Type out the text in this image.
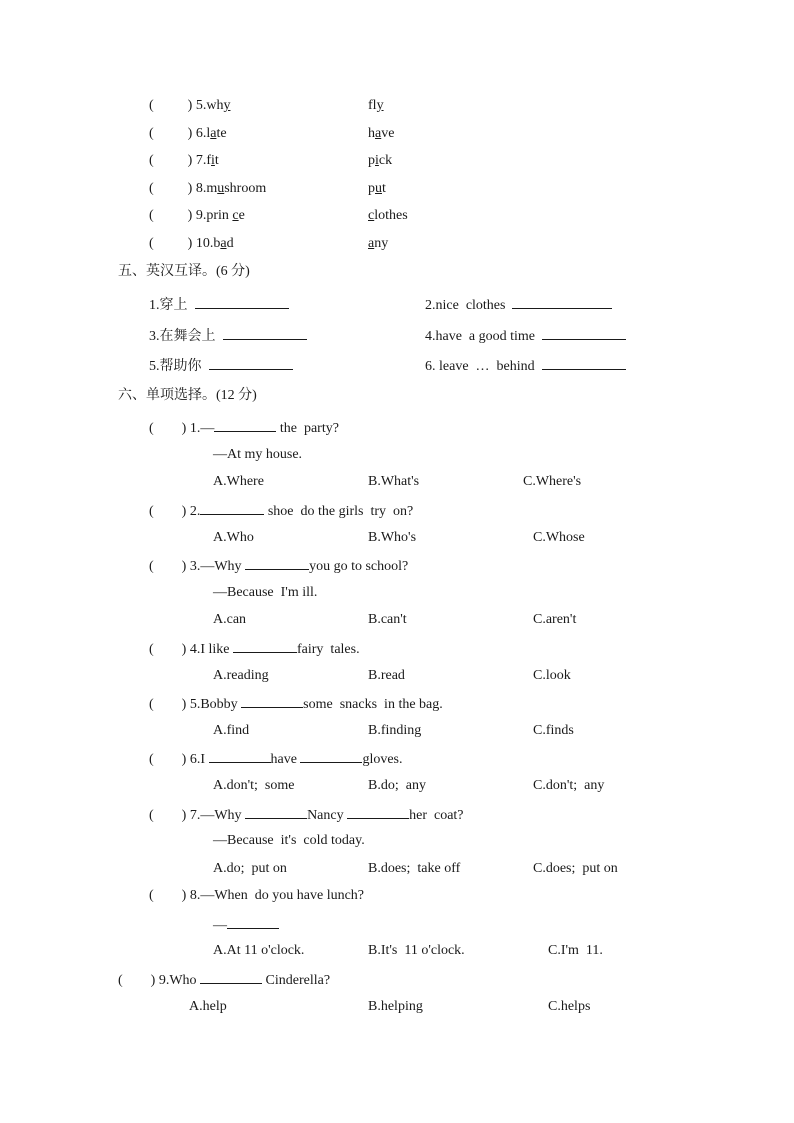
( ) 5.why	fly
( ) 6.late	have
( ) 7.fit	pick
( ) 8.mushroom	put
( ) 9.prin ce	clothes
( ) 10.bad	any
五、英汉互译。(6 分)
1.穿上	2.nice  clothes
3.在舞会上	4.have  a good time
5.帮助你	6. leave  …  behind
六、单项选择。(12 分)
( ) 1.—	the  party?
—At my house.
A.Where	B.What's	C.Where's
( ) 2.	shoe  do the girls  try  on?
A.Who	B.Who's	C.Whose
( ) 3.—Why	you go to school?
—Because  I'm ill.
A.can	B.can't	C.aren't
( ) 4.I like	fairy  tales.
A.reading	B.read	C.look
( ) 5.Bobby	some  snacks  in the bag.
A.find	B.finding	C.finds
( ) 6.I	have	gloves.
A.don't;  some	B.do;  any	C.don't;  any
( ) 7.—Why	Nancy	her  coat?
—Because  it's  cold today.
A.do;  put on	B.does;  take off	C.does;  put on
( ) 8.—When  do you have lunch?
—
A.At 11 o'clock.	B.It's  11 o'clock.	C.I'm  11.
(        ) 9.Who	Cinderella?
A.help	B.helping	C.helps
